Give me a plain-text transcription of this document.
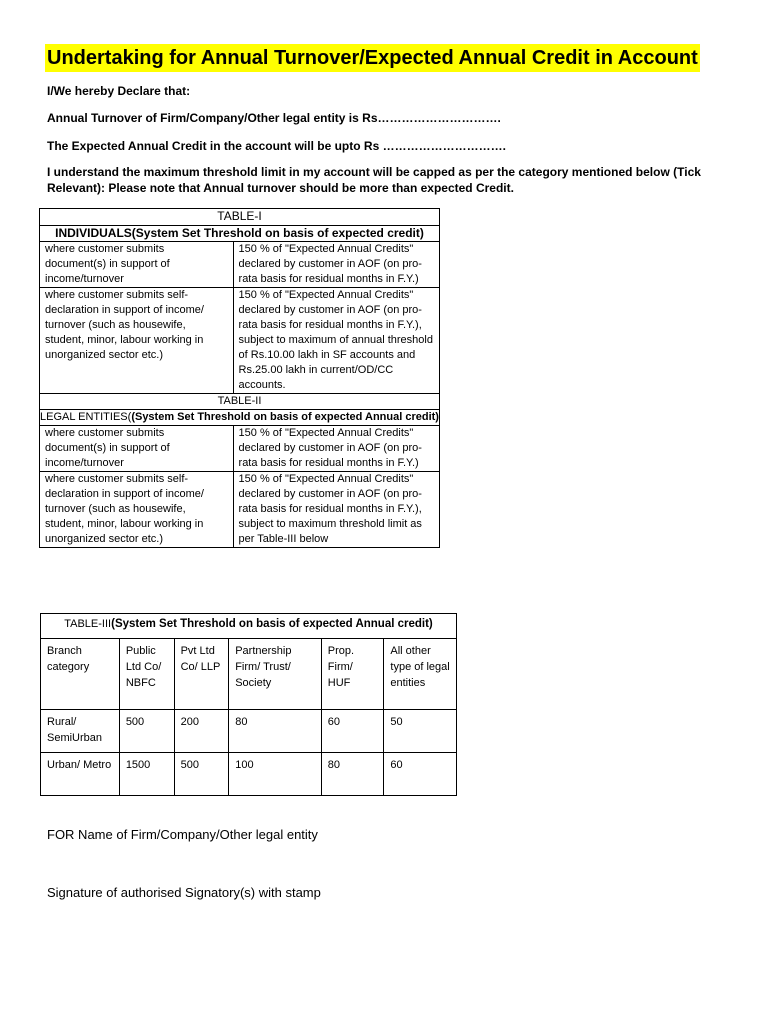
Undertaking for Annual Turnover/Expected Annual Credit in Account
I/We hereby Declare that:
Annual Turnover of Firm/Company/Other legal entity is Rs………………………….
The Expected Annual Credit in the account will be upto Rs ………………………….
I understand the maximum threshold limit in my account will be capped as per the category mentioned below (Tick Relevant): Please note that Annual turnover should be more than expected Credit.
TABLE-I	
INDIVIDUALS(System Set Threshold on basis of expected credit)	
where customer submits document(s) in support of income/turnover	150 % of "Expected Annual Credits" declared by customer in AOF (on pro-rata basis for residual months in F.Y.)
where customer submits self-declaration in support of income/ turnover (such as housewife, student, minor, labour working in unorganized sector etc.)	150 % of "Expected Annual Credits" declared by customer in AOF (on pro-rata basis for residual months in F.Y.), subject to maximum of annual threshold of Rs.10.00 lakh in SF accounts and Rs.25.00 lakh in current/OD/CC accounts.
TABLE-II	
LEGAL ENTITIES((System Set Threshold on basis of expected Annual credit)	
where customer submits document(s) in support of income/turnover	150 % of "Expected Annual Credits" declared by customer in AOF (on pro-rata basis for residual months in F.Y.)
where customer submits self-declaration in support of income/ turnover (such as housewife, student, minor, labour working in unorganized sector etc.)	150 % of "Expected Annual Credits" declared by customer in AOF (on pro-rata basis for residual months in F.Y.), subject to maximum threshold limit as per Table-III below
TABLE-III(System Set Threshold on basis of expected Annual credit)					
Branch category	Public Ltd Co/ NBFC	Pvt Ltd Co/ LLP	Partnership Firm/ Trust/ Society	Prop. Firm/ HUF	All other type of legal entities
Rural/ SemiUrban	500	200	80	60	50
Urban/ Metro	1500	500	100	80	60
FOR Name of Firm/Company/Other legal entity
Signature of authorised Signatory(s) with stamp
